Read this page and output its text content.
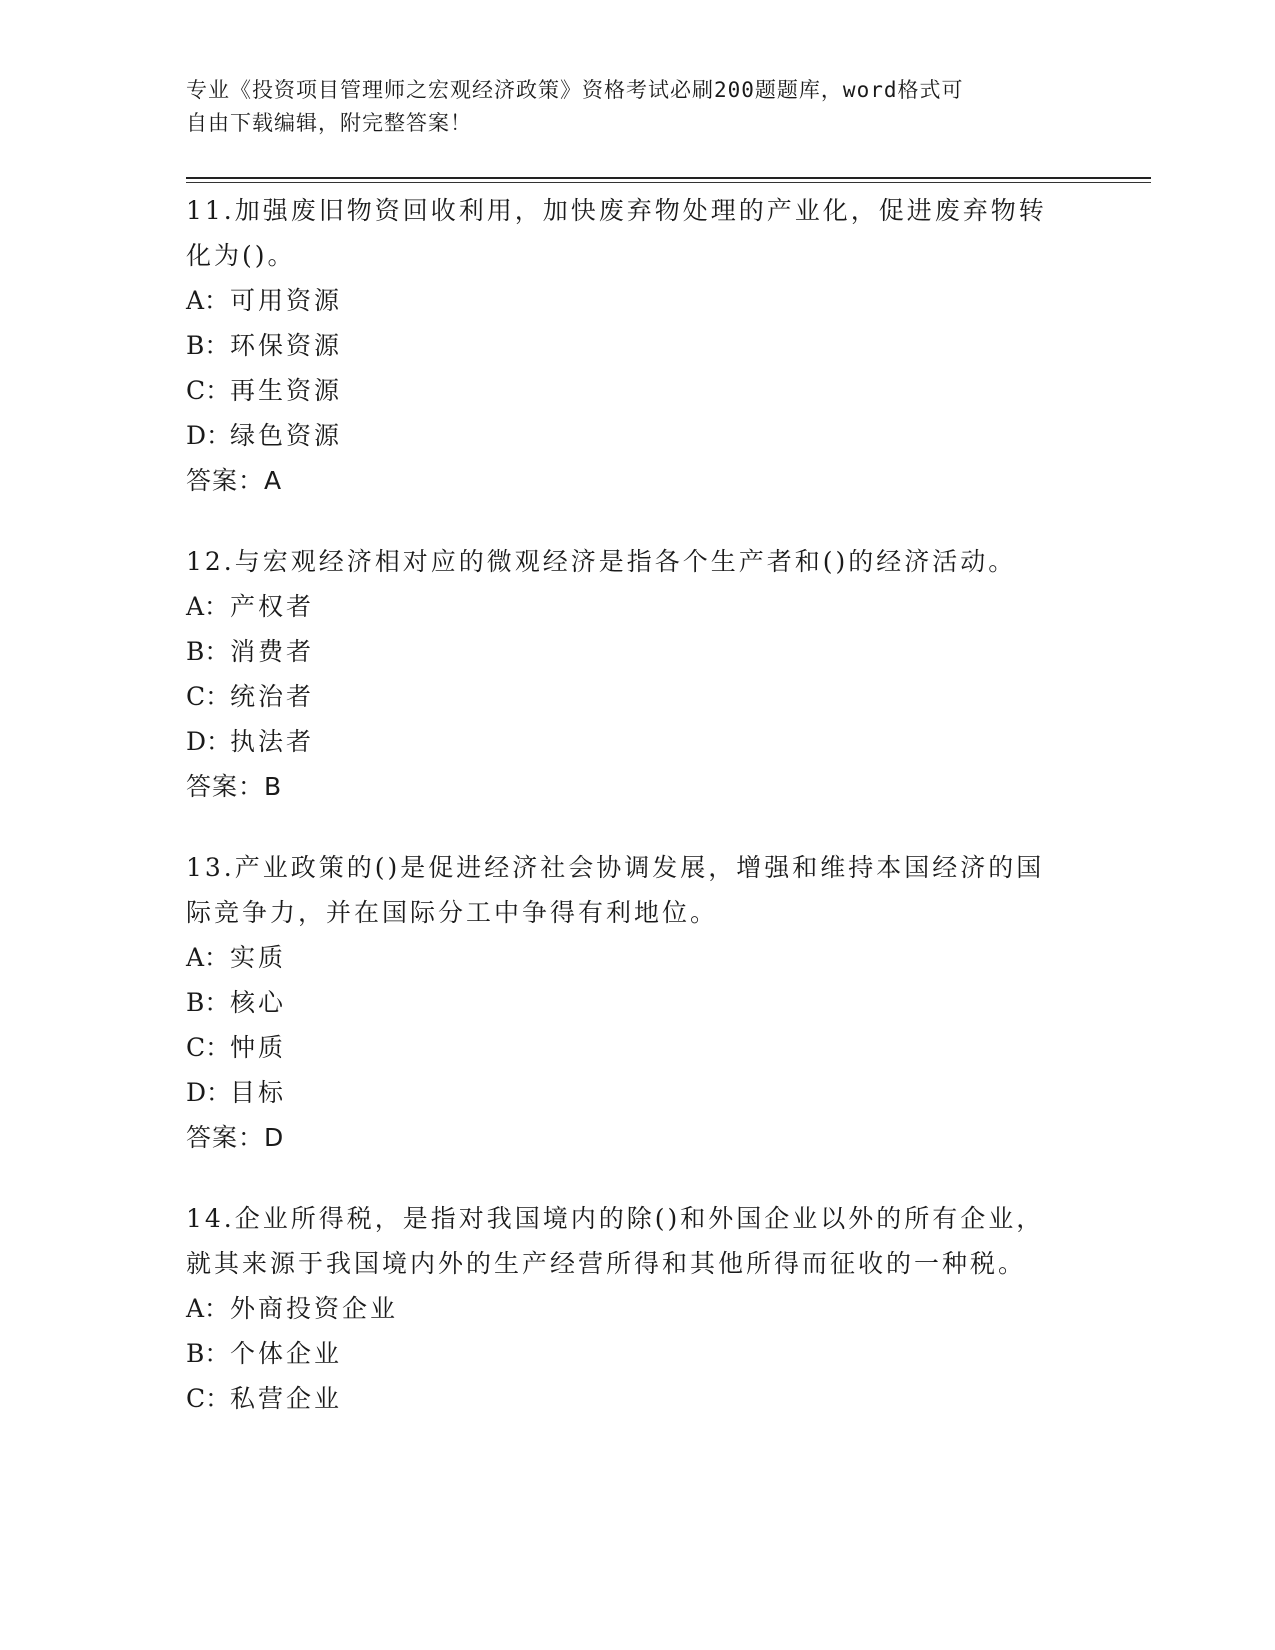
专业《投资项目管理师之宏观经济政策》资格考试必刷200题题库，word格式可
自由下载编辑，附完整答案！
11.加强废旧物资回收利用，加快废弃物处理的产业化，促进废弃物转
化为()。
A：可用资源
B：环保资源
C：再生资源
D：绿色资源
答案：A
12.与宏观经济相对应的微观经济是指各个生产者和()的经济活动。
A：产权者
B：消费者
C：统治者
D：执法者
答案：B
13.产业政策的()是促进经济社会协调发展，增强和维持本国经济的国
际竞争力，并在国际分工中争得有利地位。
A：实质
B：核心
C：忡质
D：目标
答案：D
14.企业所得税，是指对我国境内的除()和外国企业以外的所有企业，
就其来源于我国境内外的生产经营所得和其他所得而征收的一种税。
A：外商投资企业
B：个体企业
C：私营企业
